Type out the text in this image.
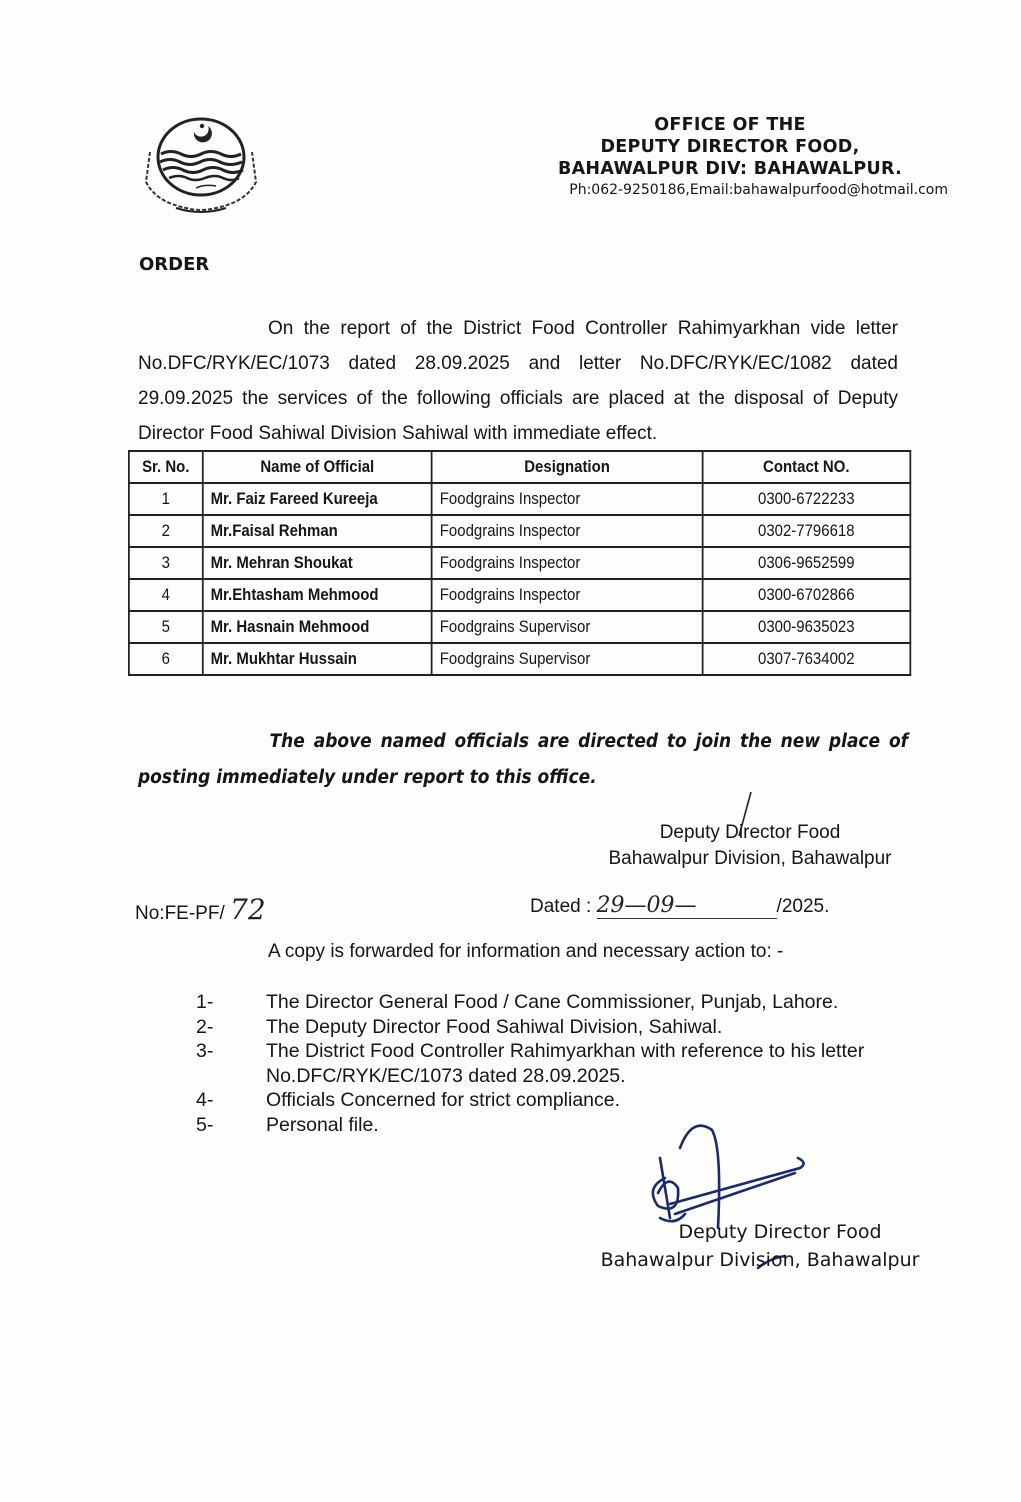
OFFICE OF THE
DEPUTY DIRECTOR FOOD,
BAHAWALPUR DIV: BAHAWALPUR.
Ph:062-9250186,Email:bahawalpurfood@hotmail.com
ORDER
On the report of the District Food Controller Rahimyarkhan vide letter No.DFC/RYK/EC/1073 dated 28.09.2025 and letter No.DFC/RYK/EC/1082 dated 29.09.2025 the services of the following officials are placed at the disposal of Deputy Director Food Sahiwal Division Sahiwal with immediate effect.
Sr. No.	Name of Official	Designation	Contact NO.
1	Mr. Faiz Fareed Kureeja	Foodgrains Inspector	0300-6722233
2	Mr.Faisal Rehman	Foodgrains Inspector	0302-7796618
3	Mr. Mehran Shoukat	Foodgrains Inspector	0306-9652599
4	Mr.Ehtasham Mehmood	Foodgrains Inspector	0300-6702866
5	Mr. Hasnain Mehmood	Foodgrains Supervisor	0300-9635023
6	Mr. Mukhtar Hussain	Foodgrains Supervisor	0307-7634002
The above named officials are directed to join the new place of posting immediately under report to this office.
Deputy Director Food
Bahawalpur Division, Bahawalpur
No:FE-PF/ 72	Dated : 29—09—	/2025.
A copy is forwarded for information and necessary action to: -
1-	The Director General Food / Cane Commissioner, Punjab, Lahore.
2-	The Deputy Director Food Sahiwal Division, Sahiwal.
3-	The District Food Controller Rahimyarkhan with reference to his letter No.DFC/RYK/EC/1073 dated 28.09.2025.
4-	Officials Concerned for strict compliance.
5-	Personal file.
Deputy Director Food
Bahawalpur Division, Bahawalpur
